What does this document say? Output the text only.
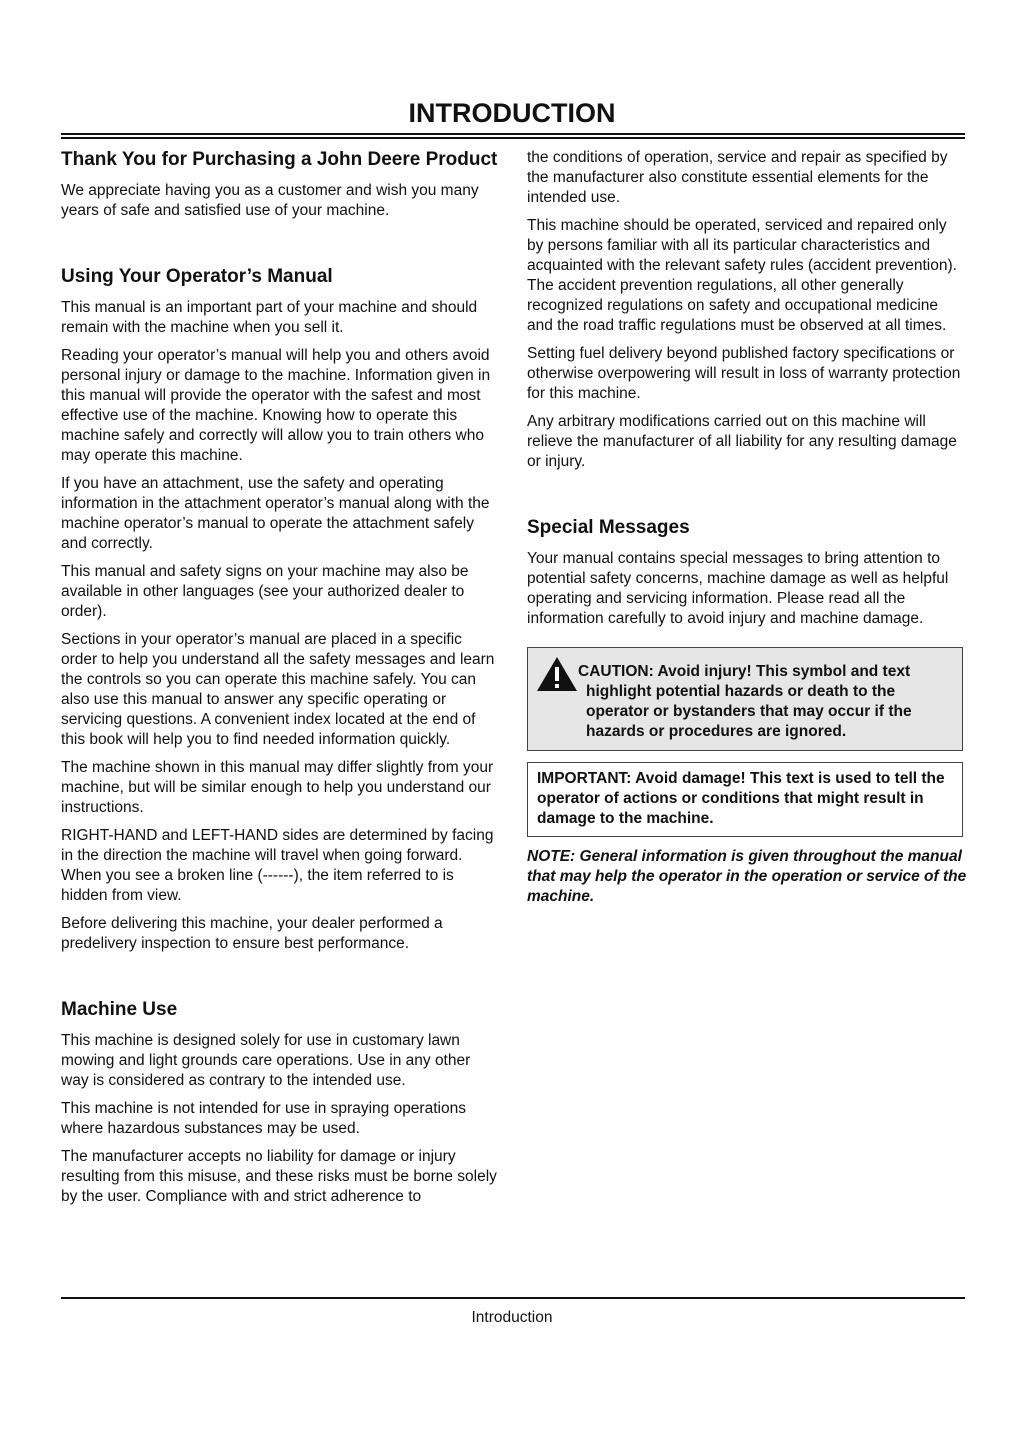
INTRODUCTION
Thank You for Purchasing a John Deere Product

We appreciate having you as a customer and wish you many years of safe and satisfied use of your machine.

Using Your Operator’s Manual

This manual is an important part of your machine and should remain with the machine when you sell it.

Reading your operator’s manual will help you and others avoid personal injury or damage to the machine. Information given in this manual will provide the operator with the safest and most effective use of the machine. Knowing how to operate this machine safely and correctly will allow you to train others who may operate this machine.

If you have an attachment, use the safety and operating information in the attachment operator’s manual along with the machine operator’s manual to operate the attachment safely and correctly.

This manual and safety signs on your machine may also be available in other languages (see your authorized dealer to order).

Sections in your operator’s manual are placed in a specific order to help you understand all the safety messages and learn the controls so you can operate this machine safely. You can also use this manual to answer any specific operating or servicing questions. A convenient index located at the end of this book will help you to find needed information quickly.

The machine shown in this manual may differ slightly from your machine, but will be similar enough to help you understand our instructions.

RIGHT-HAND and LEFT-HAND sides are determined by facing in the direction the machine will travel when going forward. When you see a broken line (------), the item referred to is hidden from view.

Before delivering this machine, your dealer performed a predelivery inspection to ensure best performance.

Machine Use

This machine is designed solely for use in customary lawn mowing and light grounds care operations. Use in any other way is considered as contrary to the intended use.

This machine is not intended for use in spraying operations where hazardous substances may be used.

The manufacturer accepts no liability for damage or injury resulting from this misuse, and these risks must be borne solely by the user. Compliance with and strict adherence to

the conditions of operation, service and repair as specified by the manufacturer also constitute essential elements for the intended use.

This machine should be operated, serviced and repaired only by persons familiar with all its particular characteristics and acquainted with the relevant safety rules (accident prevention). The accident prevention regulations, all other generally recognized regulations on safety and occupational medicine and the road traffic regulations must be observed at all times.

Setting fuel delivery beyond published factory specifications or otherwise overpowering will result in loss of warranty protection for this machine.

Any arbitrary modifications carried out on this machine will relieve the manufacturer of all liability for any resulting damage or injury.

Special Messages

Your manual contains special messages to bring attention to potential safety concerns, machine damage as well as helpful operating and servicing information. Please read all the information carefully to avoid injury and machine damage.

CAUTION: Avoid injury! This symbol and text
highlight potential hazards or death to the operator or bystanders that may occur if the hazards or procedures are ignored.

IMPORTANT: Avoid damage! This text is used to tell the operator of actions or conditions that might result in damage to the machine.

NOTE: General information is given throughout the manual that may help the operator in the operation or service of the machine.

Introduction
